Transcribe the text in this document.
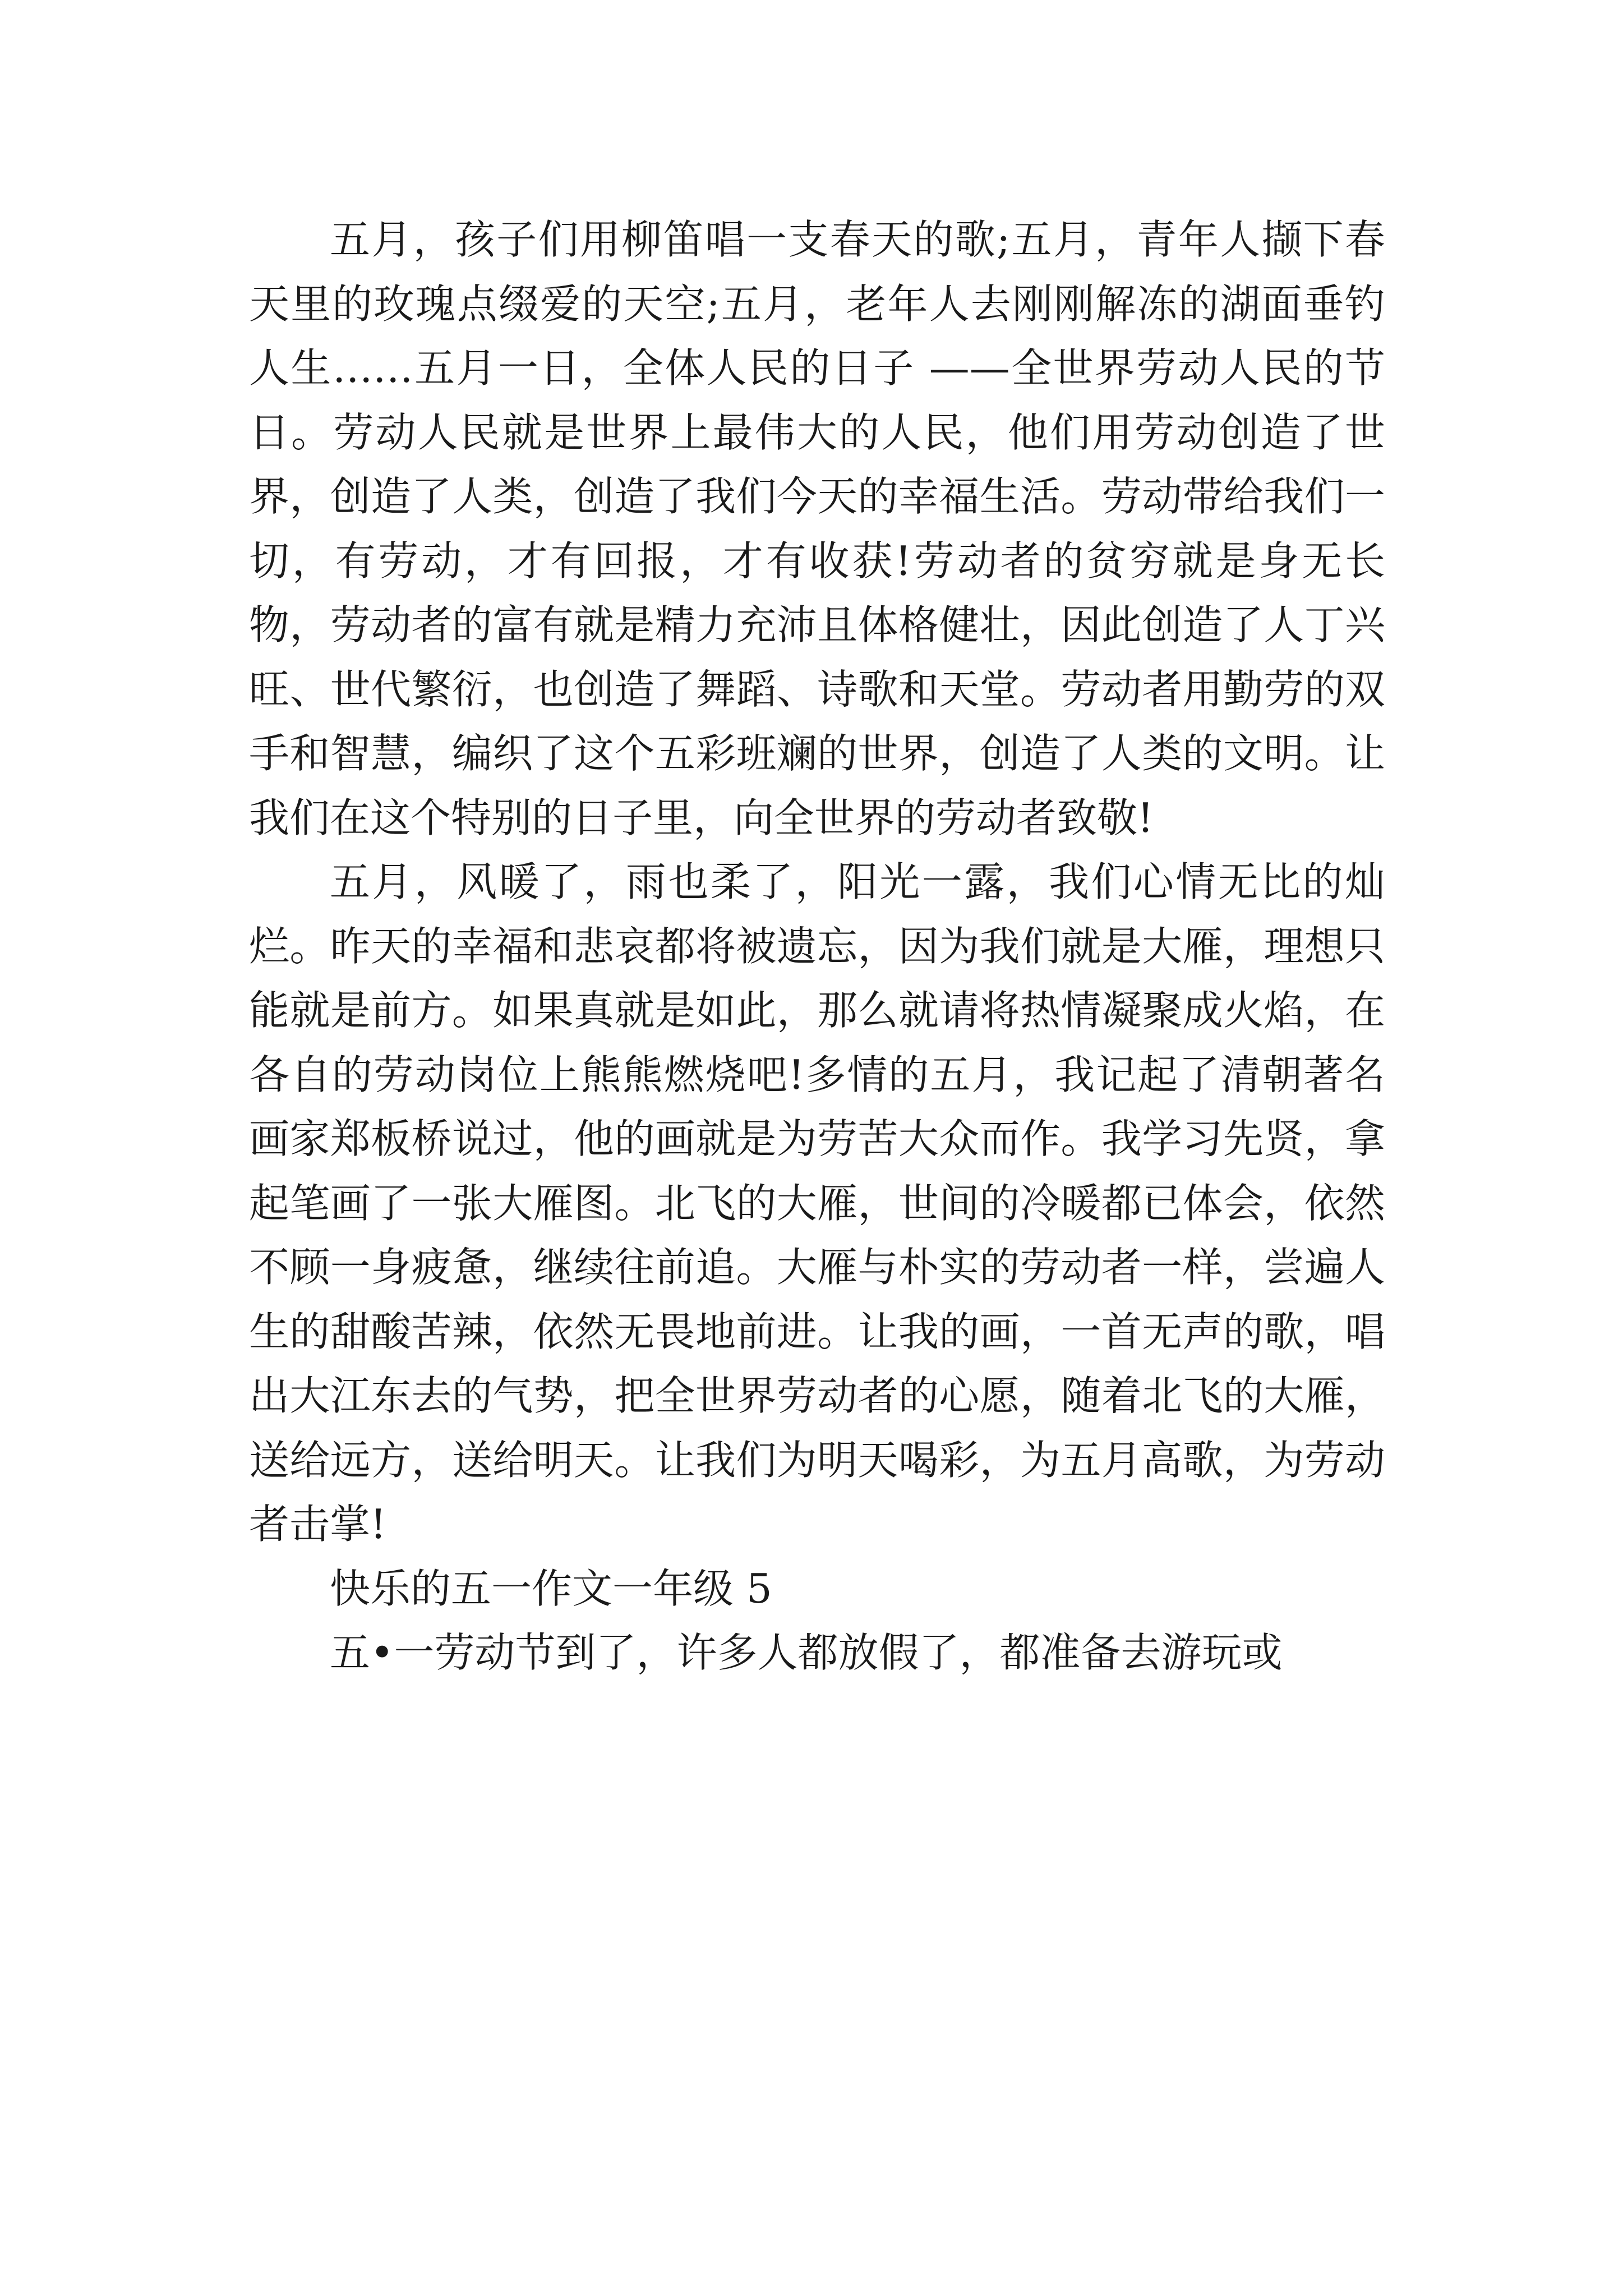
五月，孩子们用柳笛唱一支春天的歌;五月，青年人撷下春天里的玫瑰点缀爱的天空;五月，老年人去刚刚解冻的湖面垂钓人生……五月一日，全体人民的日子 ——全世界劳动人民的节日。劳动人民就是世界上最伟大的人民，他们用劳动创造了世界，创造了人类，创造了我们今天的幸福生活。劳动带给我们一切，有劳动，才有回报，才有收获!劳动者的贫穷就是身无长物，劳动者的富有就是精力充沛且体格健壮，因此创造了人丁兴旺、世代繁衍，也创造了舞蹈、诗歌和天堂。劳动者用勤劳的双手和智慧，编织了这个五彩班斓的世界，创造了人类的文明。让我们在这个特别的日子里，向全世界的劳动者致敬!

五月，风暖了，雨也柔了，阳光一露，我们心情无比的灿烂。昨天的幸福和悲哀都将被遗忘，因为我们就是大雁，理想只能就是前方。如果真就是如此，那么就请将热情凝聚成火焰，在各自的劳动岗位上熊熊燃烧吧!多情的五月，我记起了清朝著名画家郑板桥说过，他的画就是为劳苦大众而作。我学习先贤，拿起笔画了一张大雁图。北飞的大雁，世间的冷暖都已体会，依然不顾一身疲惫，继续往前追。大雁与朴实的劳动者一样，尝遍人生的甜酸苦辣，依然无畏地前进。让我的画，一首无声的歌，唱出大江东去的气势，把全世界劳动者的心愿，随着北飞的大雁，送给远方，送给明天。让我们为明天喝彩，为五月高歌，为劳动者击掌!

快乐的五一作文一年级 5

五•一劳动节到了，许多人都放假了，都准备去游玩或
